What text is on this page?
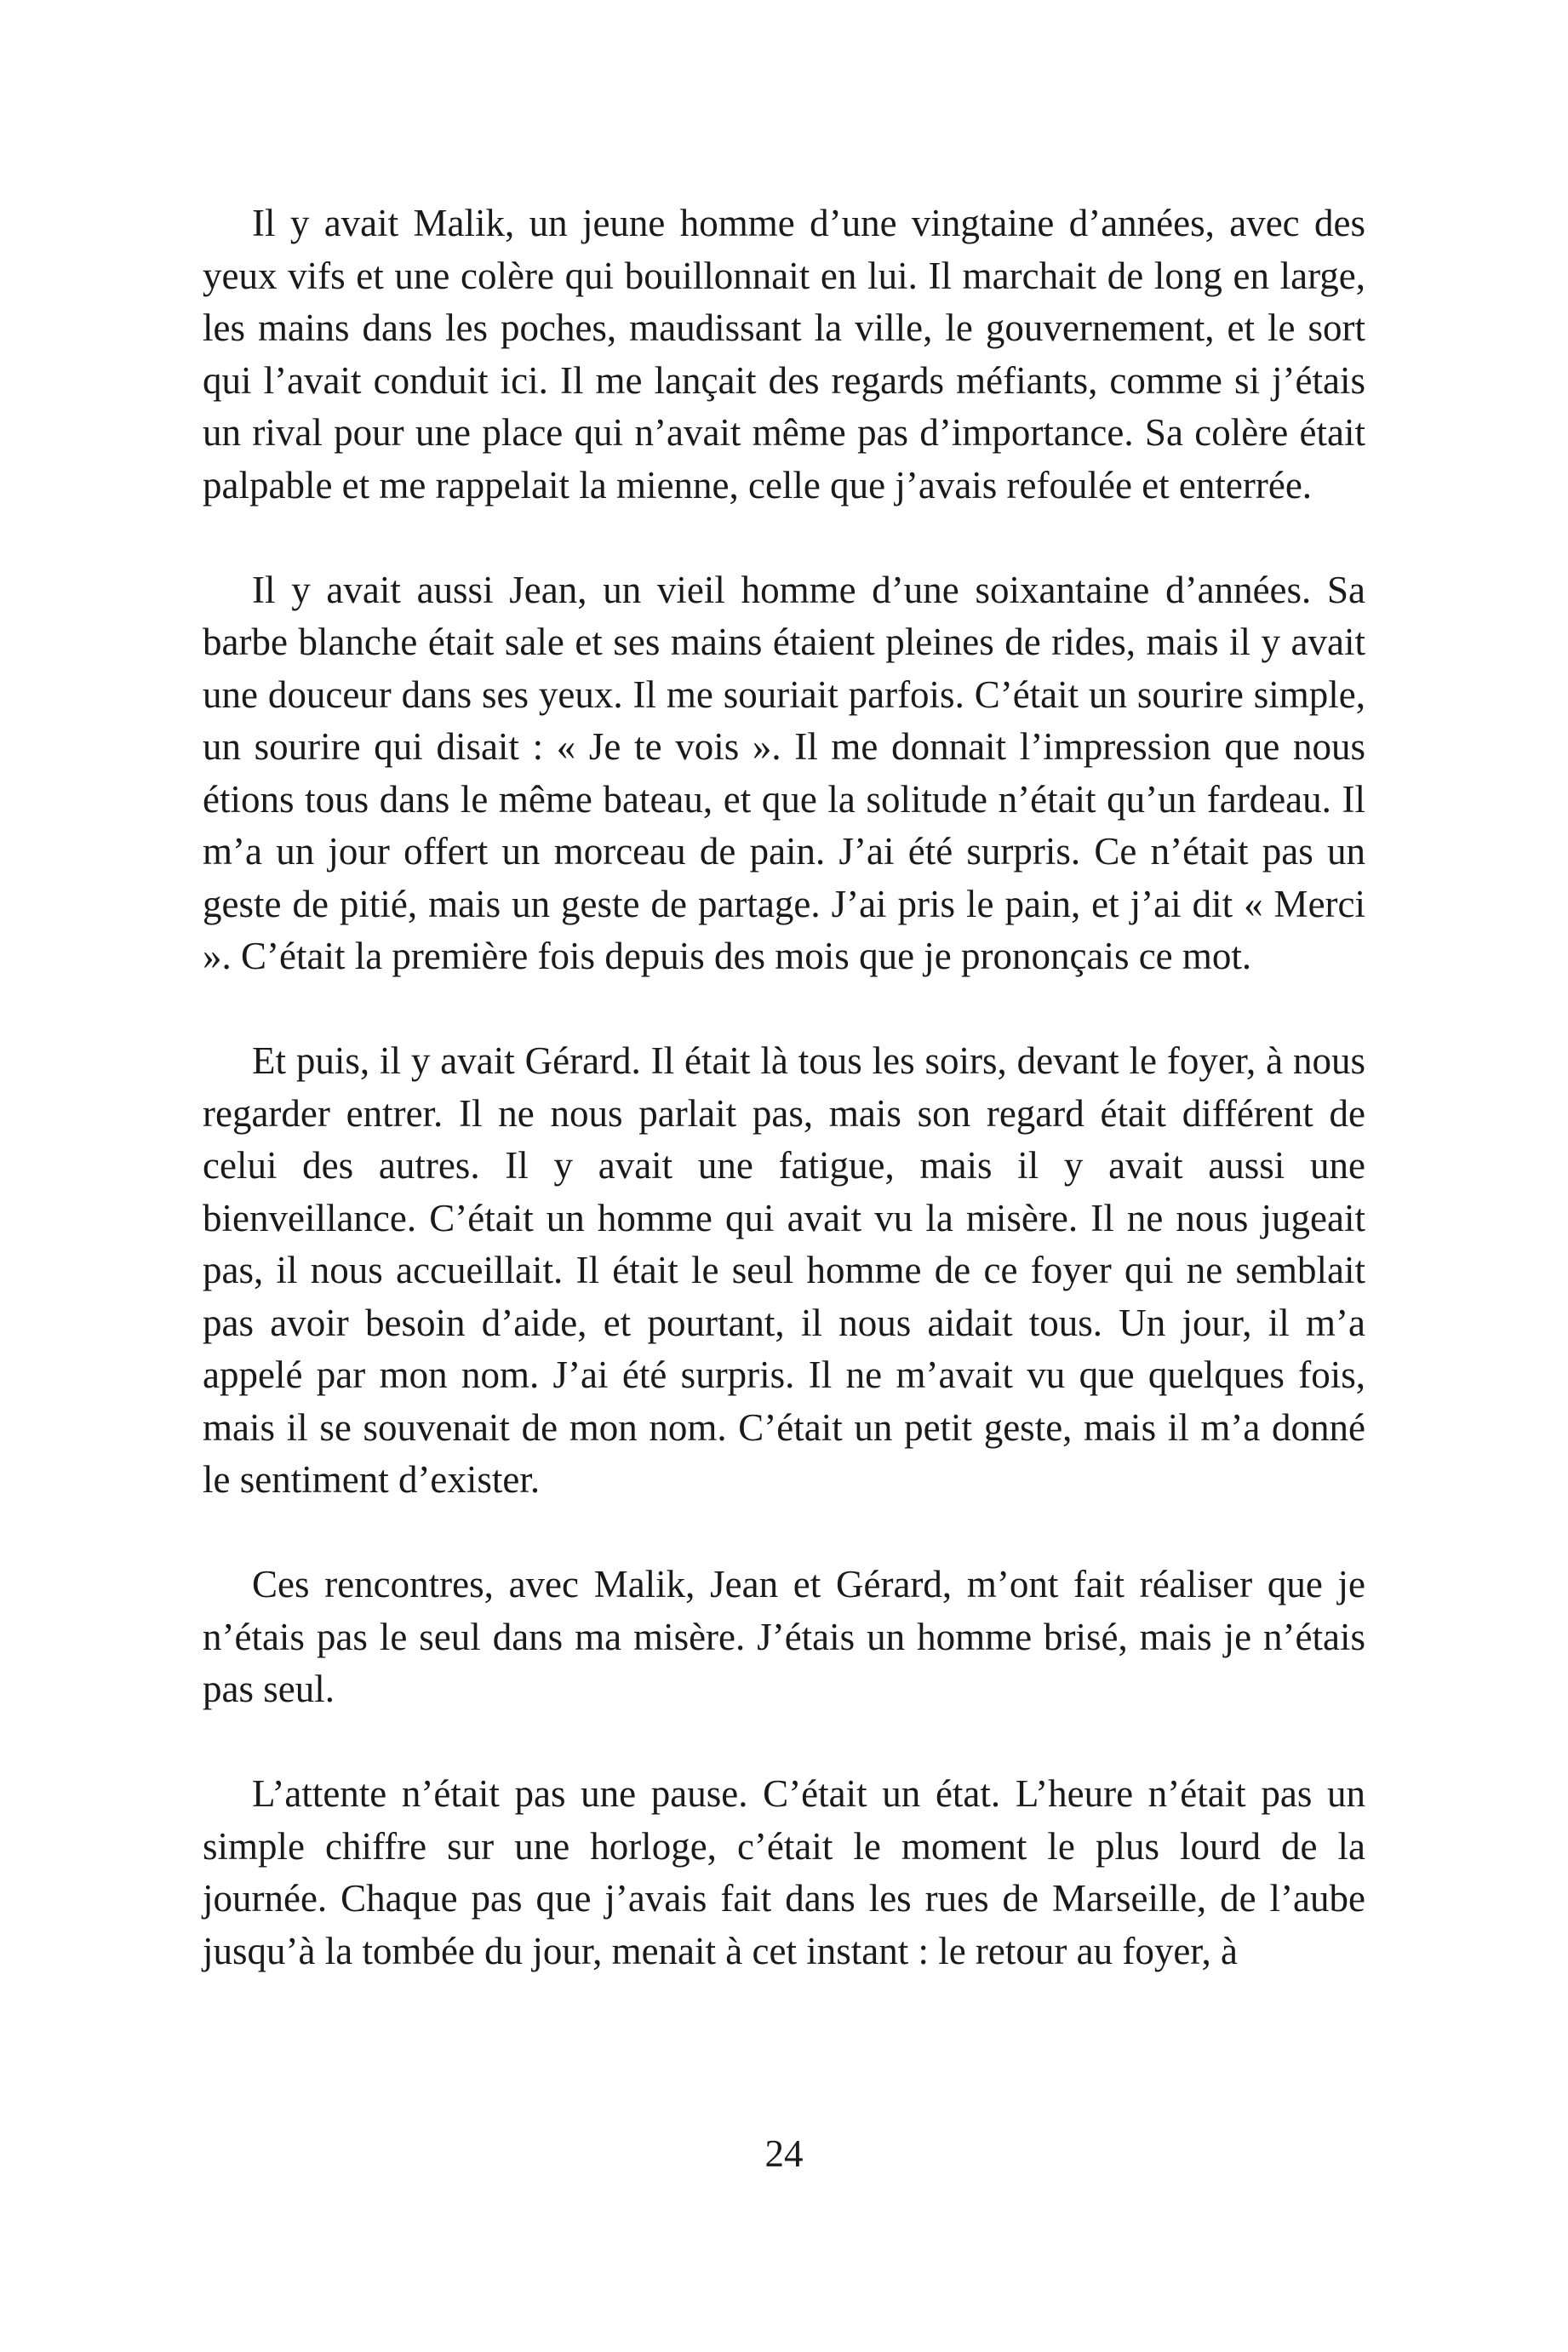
Il y avait Malik, un jeune homme d’une vingtaine d’années, avec des yeux vifs et une colère qui bouillonnait en lui. Il marchait de long en large, les mains dans les poches, maudissant la ville, le gouvernement, et le sort qui l’avait conduit ici. Il me lançait des regards méfiants, comme si j’étais un rival pour une place qui n’avait même pas d’importance. Sa colère était palpable et me rappelait la mienne, celle que j’avais refoulée et enterrée.

Il y avait aussi Jean, un vieil homme d’une soixantaine d’années. Sa barbe blanche était sale et ses mains étaient pleines de rides, mais il y avait une douceur dans ses yeux. Il me souriait parfois. C’était un sourire simple, un sourire qui disait : « Je te vois ». Il me donnait l’impression que nous étions tous dans le même bateau, et que la solitude n’était qu’un fardeau. Il m’a un jour offert un morceau de pain. J’ai été surpris. Ce n’était pas un geste de pitié, mais un geste de partage. J’ai pris le pain, et j’ai dit « Merci ». C’était la première fois depuis des mois que je prononçais ce mot.

Et puis, il y avait Gérard. Il était là tous les soirs, devant le foyer, à nous regarder entrer. Il ne nous parlait pas, mais son regard était différent de celui des autres. Il y avait une fatigue, mais il y avait aussi une bienveillance. C’était un homme qui avait vu la misère. Il ne nous jugeait pas, il nous accueillait. Il était le seul homme de ce foyer qui ne semblait pas avoir besoin d’aide, et pourtant, il nous aidait tous. Un jour, il m’a appelé par mon nom. J’ai été surpris. Il ne m’avait vu que quelques fois, mais il se souvenait de mon nom. C’était un petit geste, mais il m’a donné le sentiment d’exister.

Ces rencontres, avec Malik, Jean et Gérard, m’ont fait réaliser que je n’étais pas le seul dans ma misère. J’étais un homme brisé, mais je n’étais pas seul.

L’attente n’était pas une pause. C’était un état. L’heure n’était pas un simple chiffre sur une horloge, c’était le moment le plus lourd de la journée. Chaque pas que j’avais fait dans les rues de Marseille, de l’aube jusqu’à la tombée du jour, menait à cet instant : le retour au foyer, à

24
